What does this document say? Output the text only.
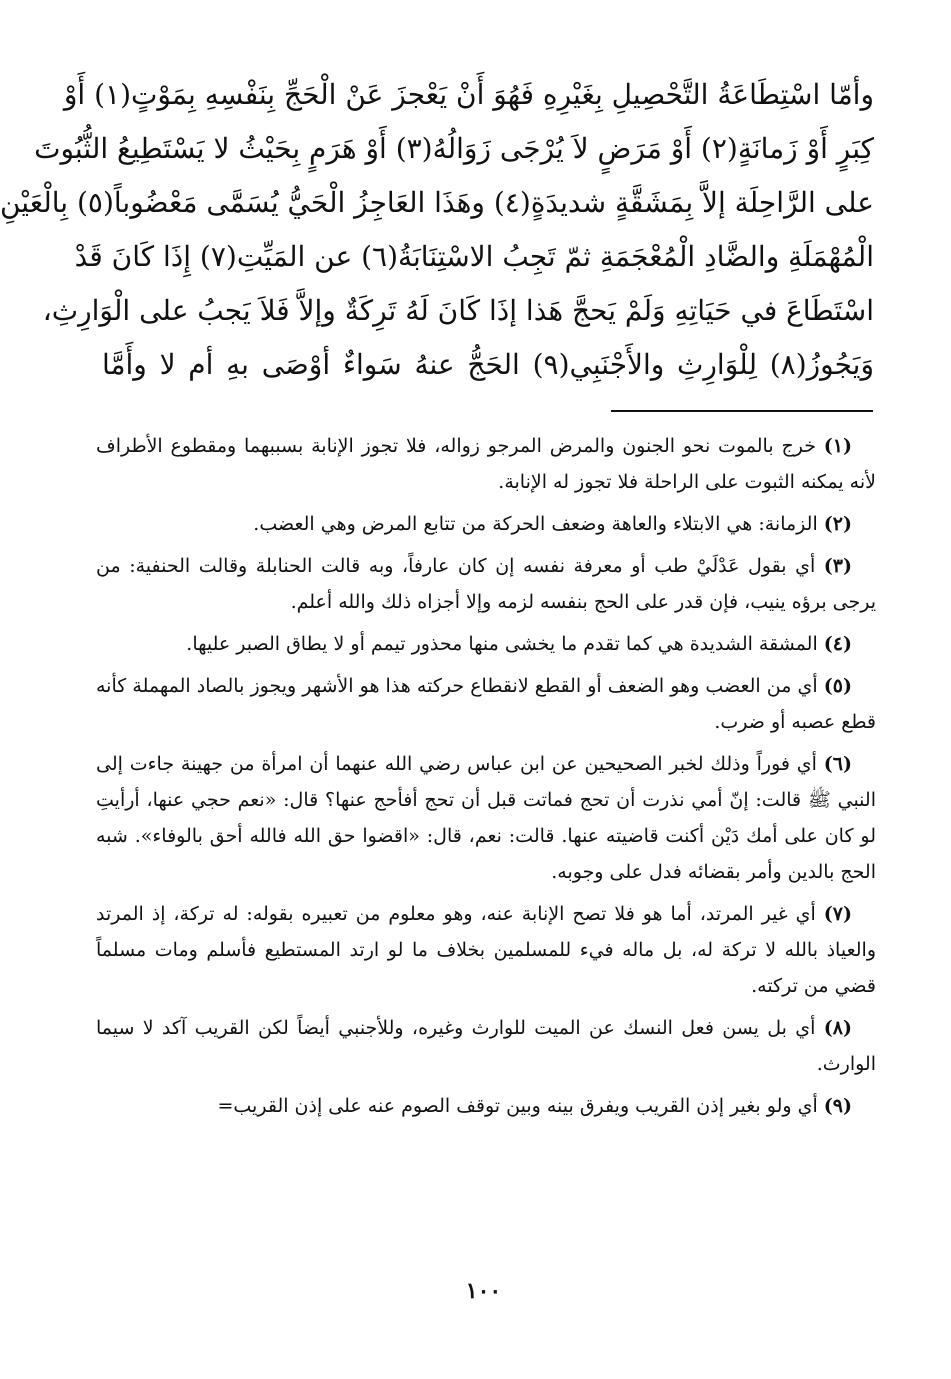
وأمّا اسْتِطَاعَةُ التَّحْصِيلِ بِغَيْرِهِ فَهُوَ أَنْ يَعْجزَ عَنْ الْحَجِّ بِنَفْسِهِ بِمَوْتٍ(١) أَوْ
كِبَرٍ أَوْ زَمانَةٍ(٢) أَوْ مَرَضٍ لاَ يُرْجَى زَوَالُهُ(٣) أَوْ هَرَمٍ بِحَيْثُ لا يَسْتَطِيعُ الثُّبُوتَ
على الرَّاحِلَة إلاَّ بِمَشَقَّةٍ شديدَةٍ(٤) وهَذَا العَاجِزُ الْحَيُّ يُسَمَّى مَعْضُوباً(٥) بِالْعَيْنِ
الْمُهْمَلَةِ والضَّادِ الْمُعْجَمَةِ ثمّ تَجِبُ الاسْتِنَابَةُ(٦) عن المَيِّتِ(٧) إِذَا كَانَ قَدْ
اسْتَطَاعَ في حَيَاتِهِ وَلَمْ يَحجَّ هَذا إذَا كَانَ لَهُ تَرِكَةٌ وإلاَّ فَلاَ يَجبُ على الْوَارِثِ،
وَيَجُوزُ(٨) لِلْوَارِثِ والأَجْنَبِي(٩) الحَجُّ عنهُ سَواءٌ أوْصَى بهِ أم لا وأَمَّا

(١) خرج بالموت نحو الجنون والمرض المرجو زواله، فلا تجوز الإنابة بسببهما ومقطوع الأطراف لأنه يمكنه الثبوت على الراحلة فلا تجوز له الإنابة.

(٢) الزمانة: هي الابتلاء والعاهة وضعف الحركة من تتابع المرض وهي العضب.

(٣) أي بقول عَدْلَيْ طب أو معرفة نفسه إن كان عارفاً، وبه قالت الحنابلة وقالت الحنفية: من يرجى برؤه ينيب، فإن قدر على الحج بنفسه لزمه وإلا أجزاه ذلك والله أعلم.

(٤) المشقة الشديدة هي كما تقدم ما يخشى منها محذور تيمم أو لا يطاق الصبر عليها.

(٥) أي من العضب وهو الضعف أو القطع لانقطاع حركته هذا هو الأشهر ويجوز بالصاد المهملة كأنه قطع عصبه أو ضرب.

(٦) أي فوراً وذلك لخبر الصحيحين عن ابن عباس رضي الله عنهما أن امرأة من جهينة جاءت إلى النبي ﷺ قالت: إنّ أمي نذرت أن تحج فماتت قبل أن تحج أفأحج عنها؟ قال: «نعم حجي عنها، أرأيتِ لو كان على أمك دَيْن أكنت قاضيته عنها. قالت: نعم، قال: «اقضوا حق الله فالله أحق بالوفاء». شبه الحج بالدين وأمر بقضائه فدل على وجوبه.

(٧) أي غير المرتد، أما هو فلا تصح الإنابة عنه، وهو معلوم من تعبيره بقوله: له تركة، إذ المرتد والعياذ بالله لا تركة له، بل ماله فيء للمسلمين بخلاف ما لو ارتد المستطيع فأسلم ومات مسلماً قضي من تركته.

(٨) أي بل يسن فعل النسك عن الميت للوارث وغيره، وللأجنبي أيضاً لكن القريب آكد لا سيما الوارث.

(٩) أي ولو بغير إذن القريب ويفرق بينه وبين توقف الصوم عنه على إذن القريب=

١٠٠
